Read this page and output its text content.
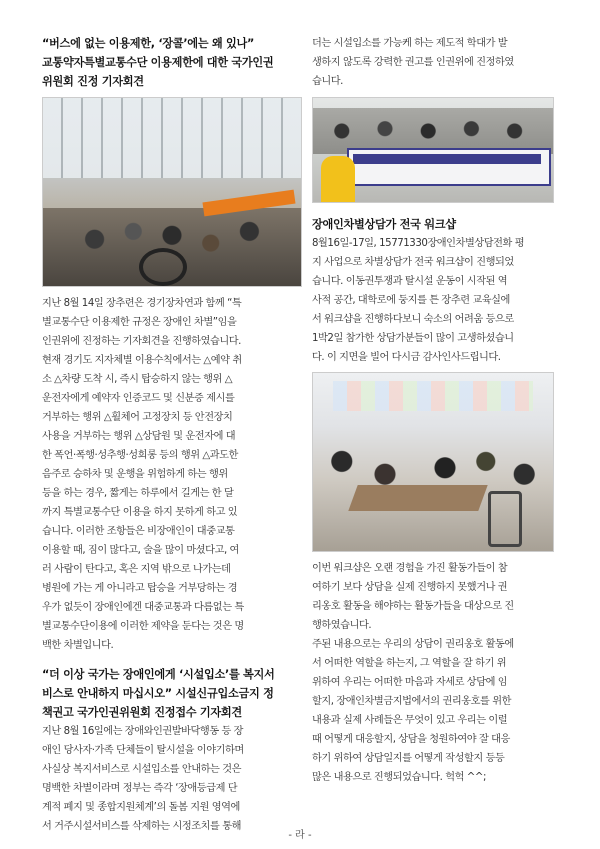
“버스에 없는 이용제한, ‘장콜’에는 왜 있나”
교통약자특별교통수단 이용제한에 대한 국가인권
위원회 진정 기자회견
지난 8월 14일 장추련은 경기장차연과 함께 “특
별교통수단 이용제한 규정은 장애인 차별”임을
인권위에 진정하는 기자회견을 진행하였습니다.
현재 경기도 지자체별 이용수칙에서는 △예약 취
소 △차량 도착 시, 즉시 탑승하지 않는 행위 △
운전자에게 예약자 인증코드 및 신분증 제시를
거부하는 행위 △휠체어 고정장치 등 안전장치
사용을 거부하는 행위 △상담원 및 운전자에 대
한 폭언·폭행·성추행·성희롱 등의 행위 △과도한
음주로 승하차 및 운행을 위험하게 하는 행위
등을 하는 경우, 짧게는 하루에서 길게는 한 달
까지 특별교통수단 이용을 하지 못하게 하고 있
습니다. 이러한 조항들은 비장애인이 대중교통
이용할 때, 짐이 많다고, 술을 많이 마셨다고, 여
러 사람이 탄다고, 혹은 지역 밖으로 나가는데
병원에 가는 게 아니라고 탑승을 거부당하는 경
우가 없듯이 장애인에겐 대중교통과 다름없는 특
별교통수단이용에 이러한 제약을 둔다는 것은 명
백한 차별입니다.
“더 이상 국가는 장애인에게 ‘시설입소’를 복지서
비스로 안내하지 마십시오” 시설신규입소금지 정
책권고 국가인권위원회 진정접수 기자회견
지난 8월 16일에는 장애와인권발바닥행동 등 장
애인 당사자·가족 단체들이 탈시설을 이야기하며
사실상 복지서비스로 시설입소를 안내하는 것은
명백한 차별이라며 정부는 즉각 ‘장애등급제 단
계적 폐지 및 종합지원체계’의 돌봄 지원 영역에
서 거주시설서비스를 삭제하는 시정조치를 통해
더는 시설입소를 가능케 하는 제도적 학대가 발
생하지 않도록 강력한 권고를 인권위에 진정하였
습니다.
장애인차별상담가 전국 워크샵
8월16일-17일, 15771330장애인차별상담전화 평
지 사업으로 차별상담가 전국 워크샵이 진행되었
습니다. 이동권투쟁과 탈시설 운동이 시작된 역
사적 공간, 대학로에 둥지를 튼 장추련 교육실에
서 워크샵을 진행하다보니 숙소의 어려움 등으로
1박2일 참가한 상담가분들이 많이 고생하셨습니
다. 이 지면을 빌어 다시금 감사인사드립니다.
이번 워크샵은 오랜 경험을 가진 활동가들이 참
여하기 보다 상담을 실제 진행하지 못했거나 권
리옹호 활동을 해야하는 활동가들을 대상으로 진
행하였습니다.
주된 내용으로는 우리의 상담이 권리옹호 활동에
서 어떠한 역할을 하는지, 그 역할을 잘 하기 위
위하여 우리는 어떠한 마음과 자세로 상담에 임
할지, 장애인차별금지법에서의 권리옹호를 위한
내용과 실제 사례들은 무엇이 있고 우리는 이럴
때 어떻게 대응할지, 상담을 청원하여야 잘 대응
하기 위하여 상담일지를 어떻게 작성할지 등등
많은 내용으로 진행되었습니다. 헉헉 ^^;
- 라 -
